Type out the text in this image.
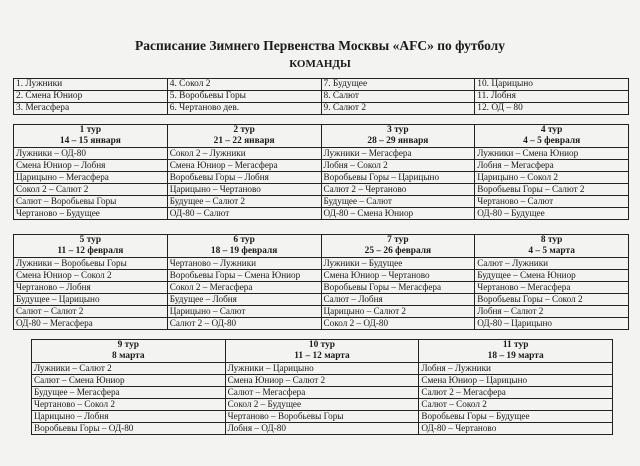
Расписание Зимнего Первенства Москвы «AFC» по футболу
КОМАНДЫ
1. Лужники	4. Сокол 2	7. Будущее	10. Царицыно
2. Смена Юниор	5. Воробьевы Горы	8. Салют	11. Лобня
3. Мегасфера	6. Чертаново дев.	9. Салют 2	12. ОД – 80
1 тур	2 тур	3 тур	4 тур
14 – 15 января	21 – 22 января	28 – 29 января	4 – 5 февраля
Лужники – ОД-80	Сокол 2 – Лужники	Лужники – Мегасфера	Лужники – Смена Юниор
Смена Юниор – Лобня	Смена Юниор – Мегасфера	Лобня – Сокол 2	Лобня – Мегасфера
Царицыно – Мегасфера	Воробьевы Горы – Лобня	Воробьевы Горы – Царицыно	Царицыно – Сокол 2
Сокол 2 – Салют 2	Царицыно – Чертаново	Салют 2 – Чертаново	Воробьевы Горы – Салют 2
Салют – Воробьевы Горы	Будущее – Салют 2	Будущее – Салют	Чертаново – Салют
Чертаново – Будущее	ОД-80 – Салют	ОД-80 – Смена Юниор	ОД-80 – Будущее
5 тур	6 тур	7 тур	8 тур
11 – 12 февраля	18 – 19 февраля	25 – 26 февраля	4 – 5 марта
Лужники – Воробьевы Горы	Чертаново – Лужники	Лужники – Будущее	Салют – Лужники
Смена Юниор – Сокол 2	Воробьевы Горы – Смена Юниор	Смена Юниор – Чертаново	Будущее – Смена Юниор
Чертаново – Лобня	Сокол 2 – Мегасфера	Воробьевы Горы – Мегасфера	Чертаново – Мегасфера
Будущее – Царицыно	Будущее – Лобня	Салют – Лобня	Воробьевы Горы – Сокол 2
Салют – Салют 2	Царицыно – Салют	Царицыно – Салют 2	Лобня – Салют 2
ОД-80 – Мегасфера	Салют 2 – ОД-80	Сокол 2 – ОД-80	ОД-80 – Царицыно
9 тур	10 тур	11 тур
8 марта	11 – 12 марта	18 – 19 марта
Лужники – Салют 2	Лужники – Царицыно	Лобня – Лужники
Салют – Смена Юниор	Смена Юниор – Салют 2	Смена Юниор – Царицыно
Будущее – Мегасфера	Салют – Мегасфера	Салют 2 – Мегасфера
Чертаново – Сокол 2	Сокол 2 – Будущее	Салют – Сокол 2
Царицыно – Лобня	Чертаново – Воробьевы Горы	Воробьевы Горы – Будущее
Воробьевы Горы – ОД-80	Лобня – ОД-80	ОД-80 – Чертаново
